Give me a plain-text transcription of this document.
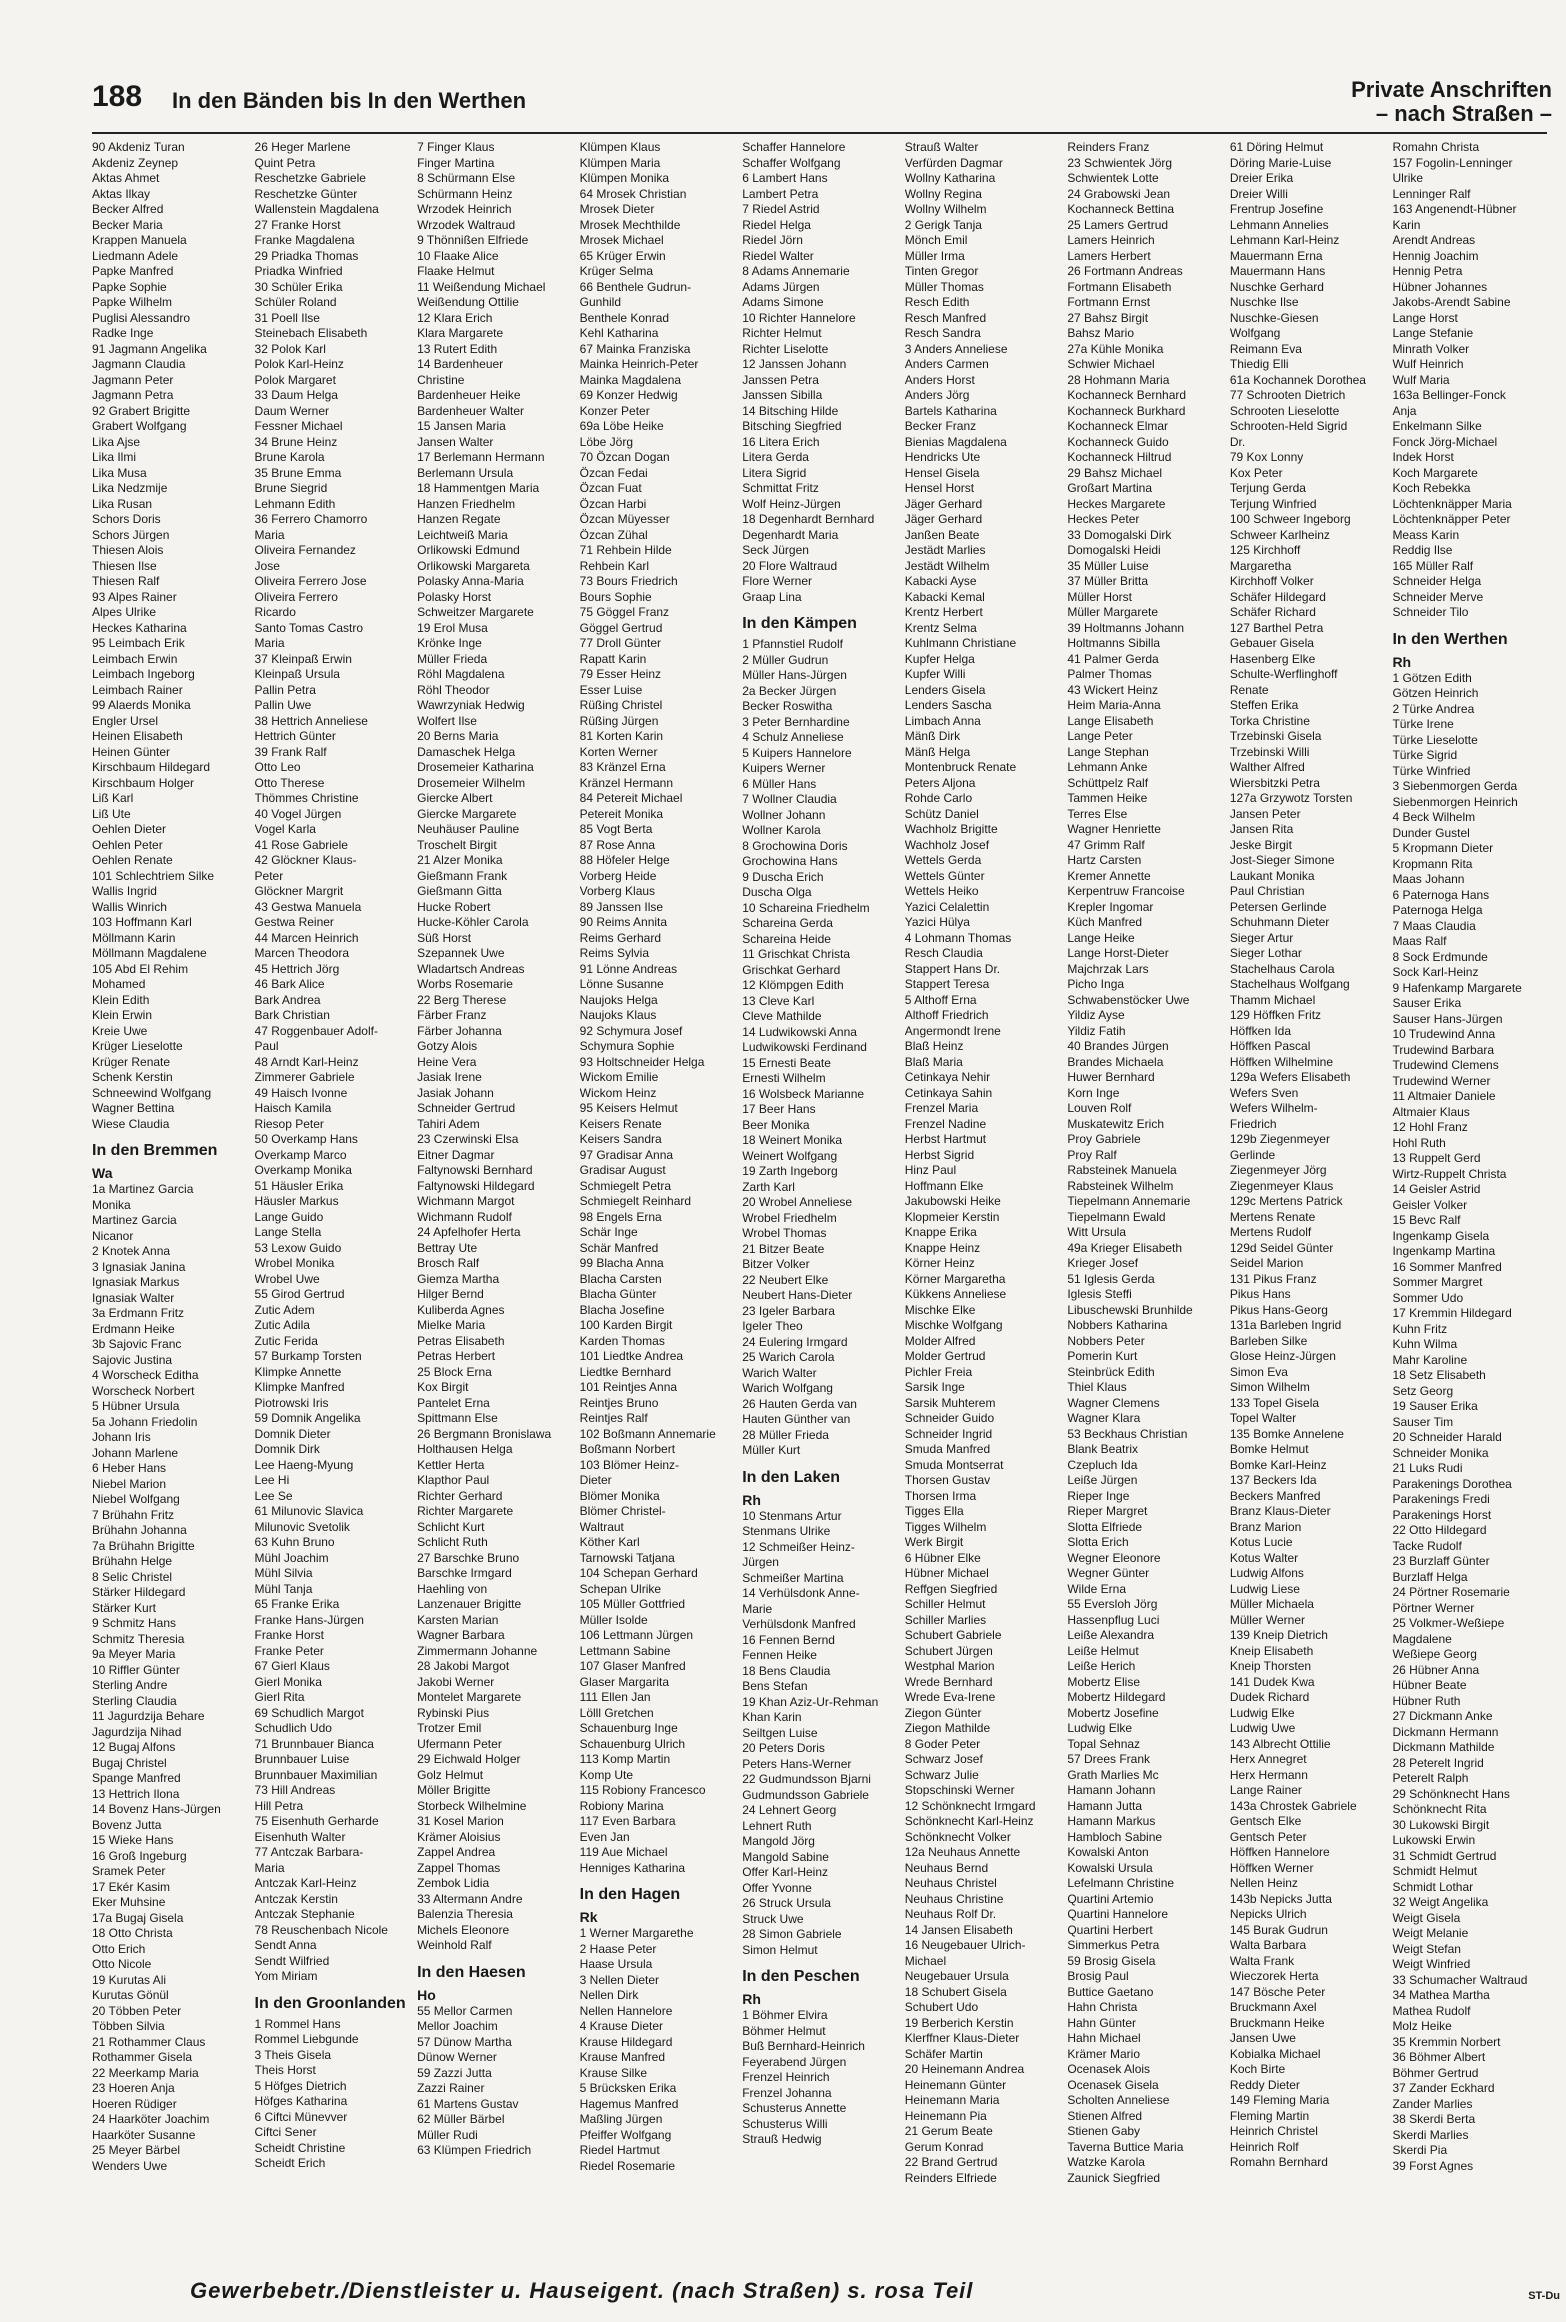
188 In den Bänden bis In den Werthen	Private Anschriften
– nach Straßen –

90 Akdeniz Turan

Akdeniz Zeynep

Aktas Ahmet

Aktas Ilkay

Becker Alfred

Becker Maria

Krappen Manuela

Liedmann Adele

Papke Manfred

Papke Sophie

Papke Wilhelm

Puglisi Alessandro

Radke Inge

91 Jagmann Angelika

Jagmann Claudia

Jagmann Peter

Jagmann Petra

92 Grabert Brigitte

Grabert Wolfgang

Lika Ajse

Lika Ilmi

Lika Musa

Lika Nedzmije

Lika Rusan

Schors Doris

Schors Jürgen

Thiesen Alois

Thiesen Ilse

Thiesen Ralf

93 Alpes Rainer

Alpes Ulrike

Heckes Katharina

95 Leimbach Erik

Leimbach Erwin

Leimbach Ingeborg

Leimbach Rainer

99 Alaerds Monika

Engler Ursel

Heinen Elisabeth

Heinen Günter

Kirschbaum Hildegard

Kirschbaum Holger

Liß Karl

Liß Ute

Oehlen Dieter

Oehlen Peter

Oehlen Renate

101 Schlechtriem Silke

Wallis Ingrid

Wallis Winrich

103 Hoffmann Karl

Möllmann Karin

Möllmann Magdalene

105 Abd El Rehim

Mohamed

Klein Edith

Klein Erwin

Kreie Uwe

Krüger Lieselotte

Krüger Renate

Schenk Kerstin

Schneewind Wolfgang

Wagner Bettina

Wiese Claudia

In den Bremmen

Wa

1a Martinez Garcia

Monika

Martinez Garcia

Nicanor

2 Knotek Anna

3 Ignasiak Janina

Ignasiak Markus

Ignasiak Walter

3a Erdmann Fritz

Erdmann Heike

3b Sajovic Franc

Sajovic Justina

4 Worscheck Editha

Worscheck Norbert

5 Hübner Ursula

5a Johann Friedolin

Johann Iris

Johann Marlene

6 Heber Hans

Niebel Marion

Niebel Wolfgang

7 Brühahn Fritz

Brühahn Johanna

7a Brühahn Brigitte

Brühahn Helge

8 Selic Christel

Stärker Hildegard

Stärker Kurt

9 Schmitz Hans

Schmitz Theresia

9a Meyer Maria

10 Riffler Günter

Sterling Andre

Sterling Claudia

11 Jagurdzija Behare

Jagurdzija Nihad

12 Bugaj Alfons

Bugaj Christel

Spange Manfred

13 Hettrich Ilona

14 Bovenz Hans-Jürgen

Bovenz Jutta

15 Wieke Hans

16 Groß Ingeburg

Sramek Peter

17 Ekér Kasim

Eker Muhsine

17a Bugaj Gisela

18 Otto Christa

Otto Erich

Otto Nicole

19 Kurutas Ali

Kurutas Gönül

20 Többen Peter

Többen Silvia

21 Rothammer Claus

Rothammer Gisela

22 Meerkamp Maria

23 Hoeren Anja

Hoeren Rüdiger

24 Haarköter Joachim

Haarköter Susanne

25 Meyer Bärbel

Wenders Uwe

26 Heger Marlene

Quint Petra

Reschetzke Gabriele

Reschetzke Günter

Wallenstein Magdalena

27 Franke Horst

Franke Magdalena

29 Priadka Thomas

Priadka Winfried

30 Schüler Erika

Schüler Roland

31 Poell Ilse

Steinebach Elisabeth

32 Polok Karl

Polok Karl-Heinz

Polok Margaret

33 Daum Helga

Daum Werner

Fessner Michael

34 Brune Heinz

Brune Karola

35 Brune Emma

Brune Siegrid

Lehmann Edith

36 Ferrero Chamorro

Maria

Oliveira Fernandez

Jose

Oliveira Ferrero Jose

Oliveira Ferrero

Ricardo

Santo Tomas Castro

Maria

37 Kleinpaß Erwin

Kleinpaß Ursula

Pallin Petra

Pallin Uwe

38 Hettrich Anneliese

Hettrich Günter

39 Frank Ralf

Otto Leo

Otto Therese

Thömmes Christine

40 Vogel Jürgen

Vogel Karla

41 Rose Gabriele

42 Glöckner Klaus-

Peter

Glöckner Margrit

43 Gestwa Manuela

Gestwa Reiner

44 Marcen Heinrich

Marcen Theodora

45 Hettrich Jörg

46 Bark Alice

Bark Andrea

Bark Christian

47 Roggenbauer Adolf-

Paul

48 Arndt Karl-Heinz

Zimmerer Gabriele

49 Haisch Ivonne

Haisch Kamila

Riesop Peter

50 Overkamp Hans

Overkamp Marco

Overkamp Monika

51 Häusler Erika

Häusler Markus

Lange Guido

Lange Stella

53 Lexow Guido

Wrobel Monika

Wrobel Uwe

55 Girod Gertrud

Zutic Adem

Zutic Adila

Zutic Ferida

57 Burkamp Torsten

Klimpke Annette

Klimpke Manfred

Piotrowski Iris

59 Domnik Angelika

Domnik Dieter

Domnik Dirk

Lee Haeng-Myung

Lee Hi

Lee Se

61 Milunovic Slavica

Milunovic Svetolik

63 Kuhn Bruno

Mühl Joachim

Mühl Silvia

Mühl Tanja

65 Franke Erika

Franke Hans-Jürgen

Franke Horst

Franke Peter

67 Gierl Klaus

Gierl Monika

Gierl Rita

69 Schudlich Margot

Schudlich Udo

71 Brunnbauer Bianca

Brunnbauer Luise

Brunnbauer Maximilian

73 Hill Andreas

Hill Petra

75 Eisenhuth Gerharde

Eisenhuth Walter

77 Antczak Barbara-

Maria

Antczak Karl-Heinz

Antczak Kerstin

Antczak Stephanie

78 Reuschenbach Nicole

Sendt Anna

Sendt Wilfried

Yom Miriam

In den Groonlanden

1 Rommel Hans

Rommel Liebgunde

3 Theis Gisela

Theis Horst

5 Höfges Dietrich

Höfges Katharina

6 Ciftci Münevver

Ciftci Sener

Scheidt Christine

Scheidt Erich

7 Finger Klaus

Finger Martina

8 Schürmann Else

Schürmann Heinz

Wrzodek Heinrich

Wrzodek Waltraud

9 Thönnißen Elfriede

10 Flaake Alice

Flaake Helmut

11 Weißendung Michael

Weißendung Ottilie

12 Klara Erich

Klara Margarete

13 Rutert Edith

14 Bardenheuer

Christine

Bardenheuer Heike

Bardenheuer Walter

15 Jansen Maria

Jansen Walter

17 Berlemann Hermann

Berlemann Ursula

18 Hammentgen Maria

Hanzen Friedhelm

Hanzen Regate

Leichtweiß Maria

Orlikowski Edmund

Orlikowski Margareta

Polasky Anna-Maria

Polasky Horst

Schweitzer Margarete

19 Erol Musa

Krönke Inge

Müller Frieda

Röhl Magdalena

Röhl Theodor

Wawrzyniak Hedwig

Wolfert Ilse

20 Berns Maria

Damaschek Helga

Drosemeier Katharina

Drosemeier Wilhelm

Giercke Albert

Giercke Margarete

Neuhäuser Pauline

Troschelt Birgit

21 Alzer Monika

Gießmann Frank

Gießmann Gitta

Hucke Robert

Hucke-Köhler Carola

Süß Horst

Szepannek Uwe

Wladartsch Andreas

Worbs Rosemarie

22 Berg Therese

Färber Franz

Färber Johanna

Gotzy Alois

Heine Vera

Jasiak Irene

Jasiak Johann

Schneider Gertrud

Tahiri Adem

23 Czerwinski Elsa

Eitner Dagmar

Faltynowski Bernhard

Faltynowski Hildegard

Wichmann Margot

Wichmann Rudolf

24 Apfelhofer Herta

Bettray Ute

Brosch Ralf

Giemza Martha

Hilger Bernd

Kuliberda Agnes

Mielke Maria

Petras Elisabeth

Petras Herbert

25 Block Erna

Kox Birgit

Pantelet Erna

Spittmann Else

26 Bergmann Bronislawa

Holthausen Helga

Kettler Herta

Klapthor Paul

Richter Gerhard

Richter Margarete

Schlicht Kurt

Schlicht Ruth

27 Barschke Bruno

Barschke Irmgard

Haehling von

Lanzenauer Brigitte

Karsten Marian

Wagner Barbara

Zimmermann Johanne

28 Jakobi Margot

Jakobi Werner

Montelet Margarete

Rybinski Pius

Trotzer Emil

Ufermann Peter

29 Eichwald Holger

Golz Helmut

Möller Brigitte

Storbeck Wilhelmine

31 Kosel Marion

Krämer Aloisius

Zappel Andrea

Zappel Thomas

Zembok Lidia

33 Altermann Andre

Balenzia Theresia

Michels Eleonore

Weinhold Ralf

In den Haesen

Ho

55 Mellor Carmen

Mellor Joachim

57 Dünow Martha

Dünow Werner

59 Zazzi Jutta

Zazzi Rainer

61 Martens Gustav

62 Müller Bärbel

Müller Rudi

63 Klümpen Friedrich

Klümpen Klaus

Klümpen Maria

Klümpen Monika

64 Mrosek Christian

Mrosek Dieter

Mrosek Mechthilde

Mrosek Michael

65 Krüger Erwin

Krüger Selma

66 Benthele Gudrun-

Gunhild

Benthele Konrad

Kehl Katharina

67 Mainka Franziska

Mainka Heinrich-Peter

Mainka Magdalena

69 Konzer Hedwig

Konzer Peter

69a Löbe Heike

Löbe Jörg

70 Özcan Dogan

Özcan Fedai

Özcan Fuat

Özcan Harbi

Özcan Müyesser

Özcan Zühal

71 Rehbein Hilde

Rehbein Karl

73 Bours Friedrich

Bours Sophie

75 Göggel Franz

Göggel Gertrud

77 Droll Günter

Rapatt Karin

79 Esser Heinz

Esser Luise

Rüßing Christel

Rüßing Jürgen

81 Korten Karin

Korten Werner

83 Kränzel Erna

Kränzel Hermann

84 Petereit Michael

Petereit Monika

85 Vogt Berta

87 Rose Anna

88 Höfeler Helge

Vorberg Heide

Vorberg Klaus

89 Janssen Ilse

90 Reims Annita

Reims Gerhard

Reims Sylvia

91 Lönne Andreas

Lönne Susanne

Naujoks Helga

Naujoks Klaus

92 Schymura Josef

Schymura Sophie

93 Holtschneider Helga

Wickom Emilie

Wickom Heinz

95 Keisers Helmut

Keisers Renate

Keisers Sandra

97 Gradisar Anna

Gradisar August

Schmiegelt Petra

Schmiegelt Reinhard

98 Engels Erna

Schär Inge

Schär Manfred

99 Blacha Anna

Blacha Carsten

Blacha Günter

Blacha Josefine

100 Karden Birgit

Karden Thomas

101 Liedtke Andrea

Liedtke Bernhard

101 Reintjes Anna

Reintjes Bruno

Reintjes Ralf

102 Boßmann Annemarie

Boßmann Norbert

103 Blömer Heinz-

Dieter

Blömer Monika

Blömer Christel-

Waltraut

Köther Karl

Tarnowski Tatjana

104 Schepan Gerhard

Schepan Ulrike

105 Müller Gottfried

Müller Isolde

106 Lettmann Jürgen

Lettmann Sabine

107 Glaser Manfred

Glaser Margarita

111 Ellen Jan

Lölll Gretchen

Schauenburg Inge

Schauenburg Ulrich

113 Komp Martin

Komp Ute

115 Robiony Francesco

Robiony Marina

117 Even Barbara

Even Jan

119 Aue Michael

Henniges Katharina

In den Hagen

Rk

1 Werner Margarethe

2 Haase Peter

Haase Ursula

3 Nellen Dieter

Nellen Dirk

Nellen Hannelore

4 Krause Dieter

Krause Hildegard

Krause Manfred

Krause Silke

5 Brücksken Erika

Hagemus Manfred

Maßling Jürgen

Pfeiffer Wolfgang

Riedel Hartmut

Riedel Rosemarie

Schaffer Hannelore

Schaffer Wolfgang

6 Lambert Hans

Lambert Petra

7 Riedel Astrid

Riedel Helga

Riedel Jörn

Riedel Walter

8 Adams Annemarie

Adams Jürgen

Adams Simone

10 Richter Hannelore

Richter Helmut

Richter Liselotte

12 Janssen Johann

Janssen Petra

Janssen Sibilla

14 Bitsching Hilde

Bitsching Siegfried

16 Litera Erich

Litera Gerda

Litera Sigrid

Schmittat Fritz

Wolf Heinz-Jürgen

18 Degenhardt Bernhard

Degenhardt Maria

Seck Jürgen

20 Flore Waltraud

Flore Werner

Graap Lina

In den Kämpen

1 Pfannstiel Rudolf

2 Müller Gudrun

Müller Hans-Jürgen

2a Becker Jürgen

Becker Roswitha

3 Peter Bernhardine

4 Schulz Anneliese

5 Kuipers Hannelore

Kuipers Werner

6 Müller Hans

7 Wollner Claudia

Wollner Johann

Wollner Karola

8 Grochowina Doris

Grochowina Hans

9 Duscha Erich

Duscha Olga

10 Schareina Friedhelm

Schareina Gerda

Schareina Heide

11 Grischkat Christa

Grischkat Gerhard

12 Klömpgen Edith

13 Cleve Karl

Cleve Mathilde

14 Ludwikowski Anna

Ludwikowski Ferdinand

15 Ernesti Beate

Ernesti Wilhelm

16 Wolsbeck Marianne

17 Beer Hans

Beer Monika

18 Weinert Monika

Weinert Wolfgang

19 Zarth Ingeborg

Zarth Karl

20 Wrobel Anneliese

Wrobel Friedhelm

Wrobel Thomas

21 Bitzer Beate

Bitzer Volker

22 Neubert Elke

Neubert Hans-Dieter

23 Igeler Barbara

Igeler Theo

24 Eulering Irmgard

25 Warich Carola

Warich Walter

Warich Wolfgang

26 Hauten Gerda van

Hauten Günther van

28 Müller Frieda

Müller Kurt

In den Laken

Rh

10 Stenmans Artur

Stenmans Ulrike

12 Schmeißer Heinz-

Jürgen

Schmeißer Martina

14 Verhülsdonk Anne-

Marie

Verhülsdonk Manfred

16 Fennen Bernd

Fennen Heike

18 Bens Claudia

Bens Stefan

19 Khan Aziz-Ur-Rehman

Khan Karin

Seiltgen Luise

20 Peters Doris

Peters Hans-Werner

22 Gudmundsson Bjarni

Gudmundsson Gabriele

24 Lehnert Georg

Lehnert Ruth

Mangold Jörg

Mangold Sabine

Offer Karl-Heinz

Offer Yvonne

26 Struck Ursula

Struck Uwe

28 Simon Gabriele

Simon Helmut

In den Peschen

Rh

1 Böhmer Elvira

Böhmer Helmut

Buß Bernhard-Heinrich

Feyerabend Jürgen

Frenzel Heinrich

Frenzel Johanna

Schusterus Annette

Schusterus Willi

Strauß Hedwig

Strauß Walter

Verfürden Dagmar

Wollny Katharina

Wollny Regina

Wollny Wilhelm

2 Gerigk Tanja

Mönch Emil

Müller Irma

Tinten Gregor

Müller Thomas

Resch Edith

Resch Manfred

Resch Sandra

3 Anders Anneliese

Anders Carmen

Anders Horst

Anders Jörg

Bartels Katharina

Becker Franz

Bienias Magdalena

Hendricks Ute

Hensel Gisela

Hensel Horst

Jäger Gerhard

Jäger Gerhard

Janßen Beate

Jestädt Marlies

Jestädt Wilhelm

Kabacki Ayse

Kabacki Kemal

Krentz Herbert

Krentz Selma

Kuhlmann Christiane

Kupfer Helga

Kupfer Willi

Lenders Gisela

Lenders Sascha

Limbach Anna

Mänß Dirk

Mänß Helga

Montenbruck Renate

Peters Aljona

Rohde Carlo

Schütz Daniel

Wachholz Brigitte

Wachholz Josef

Wettels Gerda

Wettels Günter

Wettels Heiko

Yazici Celalettin

Yazici Hülya

4 Lohmann Thomas

Resch Claudia

Stappert Hans Dr.

Stappert Teresa

5 Althoff Erna

Althoff Friedrich

Angermondt Irene

Blaß Heinz

Blaß Maria

Cetinkaya Nehir

Cetinkaya Sahin

Frenzel Maria

Frenzel Nadine

Herbst Hartmut

Herbst Sigrid

Hinz Paul

Hoffmann Elke

Jakubowski Heike

Klopmeier Kerstin

Knappe Erika

Knappe Heinz

Körner Heinz

Körner Margaretha

Kükkens Anneliese

Mischke Elke

Mischke Wolfgang

Molder Alfred

Molder Gertrud

Pichler Freia

Sarsik Inge

Sarsik Muhterem

Schneider Guido

Schneider Ingrid

Smuda Manfred

Smuda Montserrat

Thorsen Gustav

Thorsen Irma

Tigges Ella

Tigges Wilhelm

Werk Birgit

6 Hübner Elke

Hübner Michael

Reffgen Siegfried

Schiller Helmut

Schiller Marlies

Schubert Gabriele

Schubert Jürgen

Westphal Marion

Wrede Bernhard

Wrede Eva-Irene

Ziegon Günter

Ziegon Mathilde

8 Goder Peter

Schwarz Josef

Schwarz Julie

Stopschinski Werner

12 Schönknecht Irmgard

Schönknecht Karl-Heinz

Schönknecht Volker

12a Neuhaus Annette

Neuhaus Bernd

Neuhaus Christel

Neuhaus Christine

Neuhaus Rolf Dr.

14 Jansen Elisabeth

16 Neugebauer Ulrich-

Michael

Neugebauer Ursula

18 Schubert Gisela

Schubert Udo

19 Berberich Kerstin

Klerffner Klaus-Dieter

Schäfer Martin

20 Heinemann Andrea

Heinemann Günter

Heinemann Maria

Heinemann Pia

21 Gerum Beate

Gerum Konrad

22 Brand Gertrud

Reinders Elfriede

Reinders Franz

23 Schwientek Jörg

Schwientek Lotte

24 Grabowski Jean

Kochanneck Bettina

25 Lamers Gertrud

Lamers Heinrich

Lamers Herbert

26 Fortmann Andreas

Fortmann Elisabeth

Fortmann Ernst

27 Bahsz Birgit

Bahsz Mario

27a Kühle Monika

Schwier Michael

28 Hohmann Maria

Kochanneck Bernhard

Kochanneck Burkhard

Kochanneck Elmar

Kochanneck Guido

Kochanneck Hiltrud

29 Bahsz Michael

Großart Martina

Heckes Margarete

Heckes Peter

33 Domogalski Dirk

Domogalski Heidi

35 Müller Luise

37 Müller Britta

Müller Horst

Müller Margarete

39 Holtmanns Johann

Holtmanns Sibilla

41 Palmer Gerda

Palmer Thomas

43 Wickert Heinz

Heim Maria-Anna

Lange Elisabeth

Lange Peter

Lange Stephan

Lehmann Anke

Schüttpelz Ralf

Tammen Heike

Terres Else

Wagner Henriette

47 Grimm Ralf

Hartz Carsten

Kremer Annette

Kerpentruw Francoise

Krepler Ingomar

Küch Manfred

Lange Heike

Lange Horst-Dieter

Majchrzak Lars

Picho Inga

Schwabenstöcker Uwe

Yildiz Ayse

Yildiz Fatih

40 Brandes Jürgen

Brandes Michaela

Huwer Bernhard

Korn Inge

Louven Rolf

Muskatewitz Erich

Proy Gabriele

Proy Ralf

Rabsteinek Manuela

Rabsteinek Wilhelm

Tiepelmann Annemarie

Tiepelmann Ewald

Witt Ursula

49a Krieger Elisabeth

Krieger Josef

51 Iglesis Gerda

Iglesis Steffi

Libuschewski Brunhilde

Nobbers Katharina

Nobbers Peter

Pomerin Kurt

Steinbrück Edith

Thiel Klaus

Wagner Clemens

Wagner Klara

53 Beckhaus Christian

Blank Beatrix

Czepluch Ida

Leiße Jürgen

Rieper Inge

Rieper Margret

Slotta Elfriede

Slotta Erich

Wegner Eleonore

Wegner Günter

Wilde Erna

55 Eversloh Jörg

Hassenpflug Luci

Leiße Alexandra

Leiße Helmut

Leiße Herich

Mobertz Elise

Mobertz Hildegard

Mobertz Josefine

Ludwig Elke

Topal Sehnaz

57 Drees Frank

Grath Marlies Mc

Hamann Johann

Hamann Jutta

Hamann Markus

Hambloch Sabine

Kowalski Anton

Kowalski Ursula

Lefelmann Christine

Quartini Artemio

Quartini Hannelore

Quartini Herbert

Simmerkus Petra

59 Brosig Gisela

Brosig Paul

Buttice Gaetano

Hahn Christa

Hahn Günter

Hahn Michael

Krämer Mario

Ocenasek Alois

Ocenasek Gisela

Scholten Anneliese

Stienen Alfred

Stienen Gaby

Taverna Buttice Maria

Watzke Karola

Zaunick Siegfried

61 Döring Helmut

Döring Marie-Luise

Dreier Erika

Dreier Willi

Frentrup Josefine

Lehmann Annelies

Lehmann Karl-Heinz

Mauermann Erna

Mauermann Hans

Nuschke Gerhard

Nuschke Ilse

Nuschke-Giesen

Wolfgang

Reimann Eva

Thiedig Elli

61a Kochannek Dorothea

77 Schrooten Dietrich

Schrooten Lieselotte

Schrooten-Held Sigrid

Dr.

79 Kox Lonny

Kox Peter

Terjung Gerda

Terjung Winfried

100 Schweer Ingeborg

Schweer Karlheinz

125 Kirchhoff

Margaretha

Kirchhoff Volker

Schäfer Hildegard

Schäfer Richard

127 Barthel Petra

Gebauer Gisela

Hasenberg Elke

Schulte-Werflinghoff

Renate

Steffen Erika

Torka Christine

Trzebinski Gisela

Trzebinski Willi

Walther Alfred

Wiersbitzki Petra

127a Grzywotz Torsten

Jansen Peter

Jansen Rita

Jeske Birgit

Jost-Sieger Simone

Laukant Monika

Paul Christian

Petersen Gerlinde

Schuhmann Dieter

Sieger Artur

Sieger Lothar

Stachelhaus Carola

Stachelhaus Wolfgang

Thamm Michael

129 Höffken Fritz

Höffken Ida

Höffken Pascal

Höffken Wilhelmine

129a Wefers Elisabeth

Wefers Sven

Wefers Wilhelm-

Friedrich

129b Ziegenmeyer

Gerlinde

Ziegenmeyer Jörg

Ziegenmeyer Klaus

129c Mertens Patrick

Mertens Renate

Mertens Rudolf

129d Seidel Günter

Seidel Marion

131 Pikus Franz

Pikus Hans

Pikus Hans-Georg

131a Barleben Ingrid

Barleben Silke

Glose Heinz-Jürgen

Simon Eva

Simon Wilhelm

133 Topel Gisela

Topel Walter

135 Bomke Annelene

Bomke Helmut

Bomke Karl-Heinz

137 Beckers Ida

Beckers Manfred

Branz Klaus-Dieter

Branz Marion

Kotus Lucie

Kotus Walter

Ludwig Alfons

Ludwig Liese

Müller Michaela

Müller Werner

139 Kneip Dietrich

Kneip Elisabeth

Kneip Thorsten

141 Dudek Kwa

Dudek Richard

Ludwig Elke

Ludwig Uwe

143 Albrecht Ottilie

Herx Annegret

Herx Hermann

Lange Rainer

143a Chrostek Gabriele

Gentsch Elke

Gentsch Peter

Höffken Hannelore

Höffken Werner

Nellen Heinz

143b Nepicks Jutta

Nepicks Ulrich

145 Burak Gudrun

Walta Barbara

Walta Frank

Wieczorek Herta

147 Bösche Peter

Bruckmann Axel

Bruckmann Heike

Jansen Uwe

Kobialka Michael

Koch Birte

Reddy Dieter

149 Fleming Maria

Fleming Martin

Heinrich Christel

Heinrich Rolf

Romahn Bernhard

Romahn Christa

157 Fogolin-Lenninger

Ulrike

Lenninger Ralf

163 Angenendt-Hübner

Karin

Arendt Andreas

Hennig Joachim

Hennig Petra

Hübner Johannes

Jakobs-Arendt Sabine

Lange Horst

Lange Stefanie

Minrath Volker

Wulf Heinrich

Wulf Maria

163a Bellinger-Fonck

Anja

Enkelmann Silke

Fonck Jörg-Michael

Indek Horst

Koch Margarete

Koch Rebekka

Löchtenknäpper Maria

Löchtenknäpper Peter

Meass Karin

Reddig Ilse

165 Müller Ralf

Schneider Helga

Schneider Merve

Schneider Tilo

In den Werthen

Rh

1 Götzen Edith

Götzen Heinrich

2 Türke Andrea

Türke Irene

Türke Lieselotte

Türke Sigrid

Türke Winfried

3 Siebenmorgen Gerda

Siebenmorgen Heinrich

4 Beck Wilhelm

Dunder Gustel

5 Kropmann Dieter

Kropmann Rita

Maas Johann

6 Paternoga Hans

Paternoga Helga

7 Maas Claudia

Maas Ralf

8 Sock Erdmunde

Sock Karl-Heinz

9 Hafenkamp Margarete

Sauser Erika

Sauser Hans-Jürgen

10 Trudewind Anna

Trudewind Barbara

Trudewind Clemens

Trudewind Werner

11 Altmaier Daniele

Altmaier Klaus

12 Hohl Franz

Hohl Ruth

13 Ruppelt Gerd

Wirtz-Ruppelt Christa

14 Geisler Astrid

Geisler Volker

15 Bevc Ralf

Ingenkamp Gisela

Ingenkamp Martina

16 Sommer Manfred

Sommer Margret

Sommer Udo

17 Kremmin Hildegard

Kuhn Fritz

Kuhn Wilma

Mahr Karoline

18 Setz Elisabeth

Setz Georg

19 Sauser Erika

Sauser Tim

20 Schneider Harald

Schneider Monika

21 Luks Rudi

Parakenings Dorothea

Parakenings Fredi

Parakenings Horst

22 Otto Hildegard

Tacke Rudolf

23 Burzlaff Günter

Burzlaff Helga

24 Pörtner Rosemarie

Pörtner Werner

25 Volkmer-Weßiepe

Magdalene

Weßiepe Georg

26 Hübner Anna

Hübner Beate

Hübner Ruth

27 Dickmann Anke

Dickmann Hermann

Dickmann Mathilde

28 Peterelt Ingrid

Peterelt Ralph

29 Schönknecht Hans

Schönknecht Rita

30 Lukowski Birgit

Lukowski Erwin

31 Schmidt Gertrud

Schmidt Helmut

Schmidt Lothar

32 Weigt Angelika

Weigt Gisela

Weigt Melanie

Weigt Stefan

Weigt Winfried

33 Schumacher Waltraud

34 Mathea Martha

Mathea Rudolf

Molz Heike

35 Kremmin Norbert

36 Böhmer Albert

Böhmer Gertrud

37 Zander Eckhard

Zander Marlies

38 Skerdi Berta

Skerdi Marlies

Skerdi Pia

39 Forst Agnes

Gewerbebetr./Dienstleister u. Hauseigent. (nach Straßen) s. rosa Teil	ST-Du
